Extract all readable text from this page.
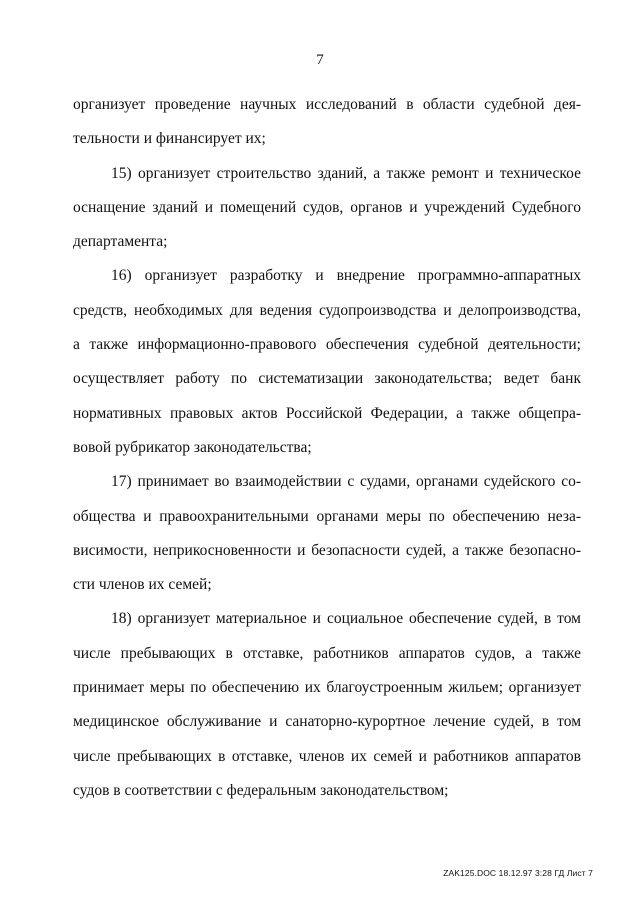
7
организует проведение научных исследований в области судебной дея-
тельности и финансирует их;
15) организует строительство зданий, а также ремонт и техническое
оснащение зданий и помещений судов, органов и учреждений Судебного
департамента;
16) организует разработку и внедрение программно-аппаратных
средств, необходимых для ведения судопроизводства и делопроизводства,
а также информационно-правового обеспечения судебной деятельности;
осуществляет работу по систематизации законодательства; ведет банк
нормативных правовых актов Российской Федерации, а также общепра-
вовой рубрикатор законодательства;
17) принимает во взаимодействии с судами, органами судейского со-
общества и правоохранительными органами меры по обеспечению неза-
висимости, неприкосновенности и безопасности судей, а также безопасно-
сти членов их семей;
18) организует материальное и социальное обеспечение судей, в том
числе пребывающих в отставке, работников аппаратов судов, а также
принимает меры по обеспечению их благоустроенным жильем; организует
медицинское обслуживание и санаторно-курортное лечение судей, в том
числе пребывающих в отставке, членов их семей и работников аппаратов
судов в соответствии с федеральным законодательством;
ZAK125.DOC 18.12.97 3:28 ГД Лист 7
